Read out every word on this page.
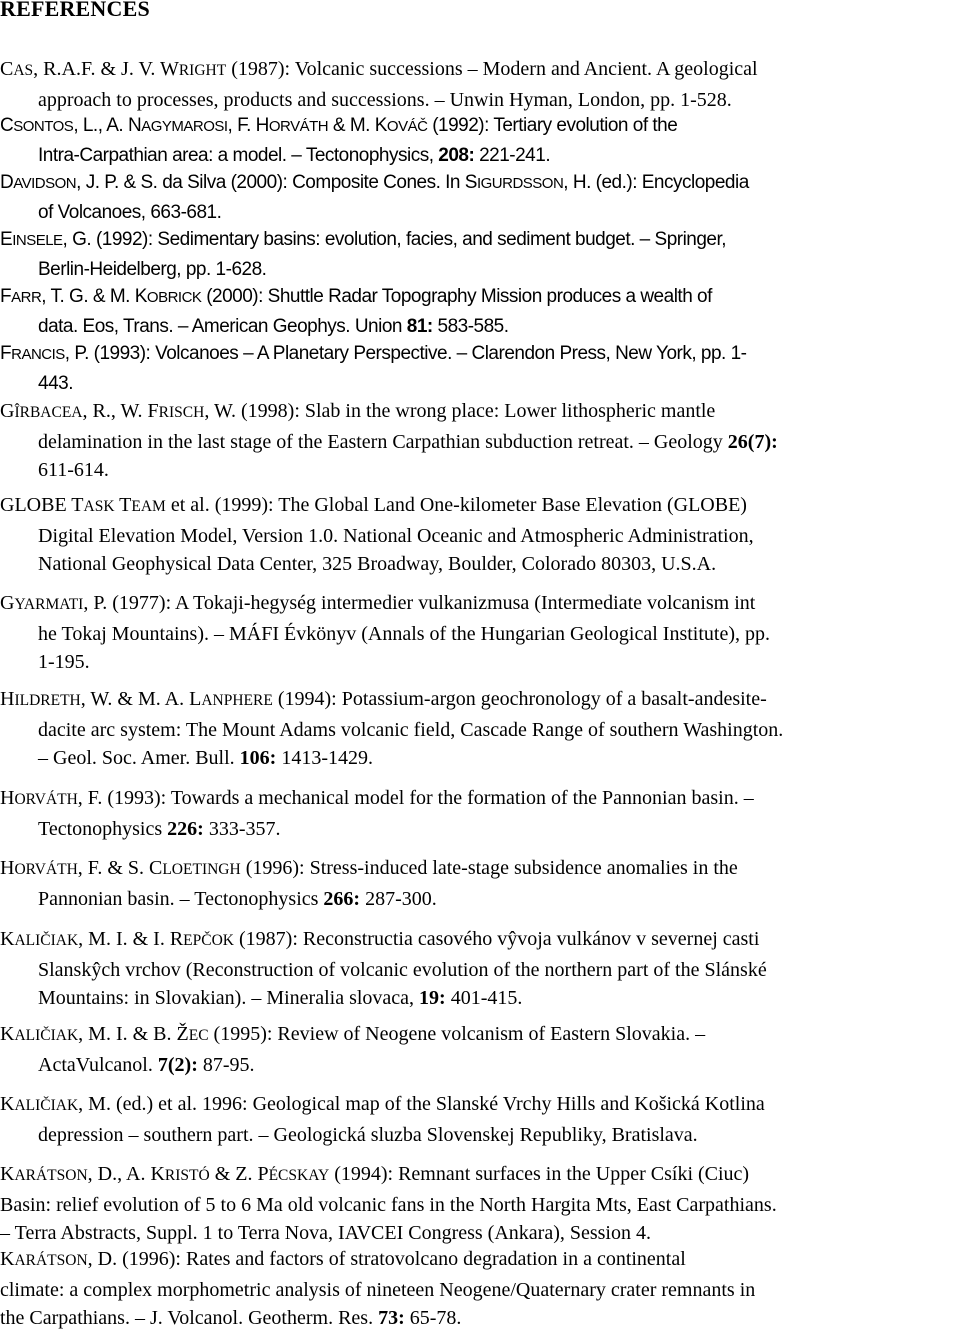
REFERENCES
CAS, R.A.F. & J. V. WRIGHT (1987): Volcanic successions – Modern and Ancient. A geological
approach to processes, products and successions. – Unwin Hyman, London, pp. 1-528.
CSONTOS, L., A. NAGYMAROSI, F. HORVÁTH & M. KOVÁČ (1992): Tertiary evolution of the
Intra-Carpathian area: a model. – Tectonophysics, 208: 221-241.
DAVIDSON, J. P. & S. da Silva (2000): Composite Cones. In SIGURDSSON, H. (ed.): Encyclopedia
of Volcanoes, 663-681.
EINSELE, G. (1992): Sedimentary basins: evolution, facies, and sediment budget. – Springer,
Berlin-Heidelberg, pp. 1-628.
FARR, T. G. & M. KOBRICK (2000): Shuttle Radar Topography Mission produces a wealth of
data. Eos, Trans. – American Geophys. Union 81: 583-585.
FRANCIS, P. (1993): Volcanoes – A Planetary Perspective. – Clarendon Press, New York, pp. 1-
443.
GÎRBACEA, R., W. FRISCH, W. (1998): Slab in the wrong place: Lower lithospheric mantle
delamination in the last stage of the Eastern Carpathian subduction retreat. – Geology 26(7):
611-614.
GLOBE TASK TEAM et al. (1999): The Global Land One-kilometer Base Elevation (GLOBE)
Digital Elevation Model, Version 1.0. National Oceanic and Atmospheric Administration,
National Geophysical Data Center, 325 Broadway, Boulder, Colorado 80303, U.S.A.
GYARMATI, P. (1977): A Tokaji-hegység intermedier vulkanizmusa (Intermediate volcanism int
he Tokaj Mountains). – MÁFI Évkönyv (Annals of the Hungarian Geological Institute), pp.
1-195.
HILDRETH, W. & M. A. LANPHERE (1994): Potassium-argon geochronology of a basalt-andesite-
dacite arc system: The Mount Adams volcanic field, Cascade Range of southern Washington.
– Geol. Soc. Amer. Bull. 106: 1413-1429.
HORVÁTH, F. (1993): Towards a mechanical model for the formation of the Pannonian basin. –
Tectonophysics 226: 333-357.
HORVÁTH, F. & S. CLOETINGH (1996): Stress-induced late-stage subsidence anomalies in the
Pannonian basin. – Tectonophysics 266: 287-300.
KALIČIAK, M. I. & I. REPČOK (1987): Reconstructia casového vŷvoja vulkánov v severnej casti
Slanskŷch vrchov (Reconstruction of volcanic evolution of the northern part of the Slánské
Mountains: in Slovakian). – Mineralia slovaca, 19: 401-415.
KALIČIAK, M. I. & B. ŽEC (1995): Review of Neogene volcanism of Eastern Slovakia. –
ActaVulcanol. 7(2): 87-95.
KALIČIAK, M. (ed.) et al. 1996: Geological map of the Slanské Vrchy Hills and Košická Kotlina
depression – southern part. – Geologická sluzba Slovenskej Republiky, Bratislava.
KARÁTSON, D., A. KRISTÓ & Z. PÉCSKAY (1994): Remnant surfaces in the Upper Csíki (Ciuc)
Basin: relief evolution of 5 to 6 Ma old volcanic fans in the North Hargita Mts, East Carpathians.
– Terra Abstracts, Suppl. 1 to Terra Nova, IAVCEI Congress (Ankara), Session 4.
KARÁTSON, D. (1996): Rates and factors of stratovolcano degradation in a continental
climate: a complex morphometric analysis of nineteen Neogene/Quaternary crater remnants in
the Carpathians. – J. Volcanol. Geotherm. Res. 73: 65-78.
